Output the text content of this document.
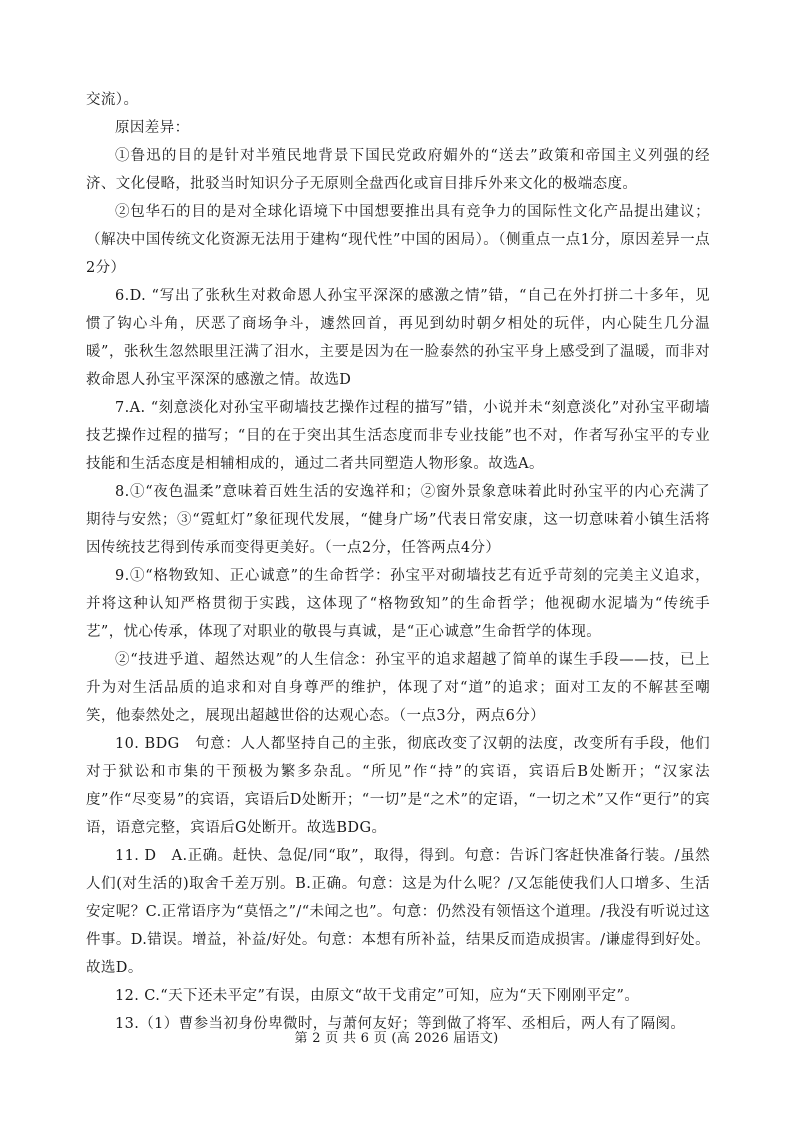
交流）。

原因差异：

①鲁迅的目的是针对半殖民地背景下国民党政府媚外的“送去”政策和帝国主义列强的经济、文化侵略，批驳当时知识分子无原则全盘西化或盲目排斥外来文化的极端态度。

②包华石的目的是对全球化语境下中国想要推出具有竞争力的国际性文化产品提出建议；（解决中国传统文化资源无法用于建构“现代性”中国的困局）。（侧重点一点1分，原因差异一点2分）

6.D. “写出了张秋生对救命恩人孙宝平深深的感激之情”错，“自己在外打拼二十多年，见惯了钩心斗角，厌恶了商场争斗，遽然回首，再见到幼时朝夕相处的玩伴，内心陡生几分温暖”，张秋生忽然眼里汪满了泪水，主要是因为在一脸泰然的孙宝平身上感受到了温暖，而非对救命恩人孙宝平深深的感激之情。故选D

7.A. “刻意淡化对孙宝平砌墙技艺操作过程的描写”错，小说并未“刻意淡化”对孙宝平砌墙技艺操作过程的描写；“目的在于突出其生活态度而非专业技能”也不对，作者写孙宝平的专业技能和生活态度是相辅相成的，通过二者共同塑造人物形象。故选A。

8.①“夜色温柔”意味着百姓生活的安逸祥和；②窗外景象意味着此时孙宝平的内心充满了期待与安然；③“霓虹灯”象征现代发展，“健身广场”代表日常安康，这一切意味着小镇生活将因传统技艺得到传承而变得更美好。（一点2分，任答两点4分）

9.①“格物致知、正心诚意”的生命哲学：孙宝平对砌墙技艺有近乎苛刻的完美主义追求，并将这种认知严格贯彻于实践，这体现了“格物致知”的生命哲学；他视砌水泥墙为“传统手艺”，忧心传承，体现了对职业的敬畏与真诚，是“正心诚意”生命哲学的体现。

②“技进乎道、超然达观”的人生信念：孙宝平的追求超越了简单的谋生手段——技，已上升为对生活品质的追求和对自身尊严的维护，体现了对“道”的追求；面对工友的不解甚至嘲笑，他泰然处之，展现出超越世俗的达观心态。（一点3分，两点6分）

10. BDG　句意：人人都坚持自己的主张，彻底改变了汉朝的法度，改变所有手段，他们对于狱讼和市集的干预极为繁多杂乱。“所见”作“持”的宾语，宾语后B处断开；“汉家法度”作“尽变易”的宾语，宾语后D处断开；“一切”是“之术”的定语，“一切之术”又作“更行”的宾语，语意完整，宾语后G处断开。故选BDG。

11. D　A.正确。赶快、急促/同“取”，取得，得到。句意：告诉门客赶快准备行装。/虽然人们(对生活的)取舍千差万别。B.正确。句意：这是为什么呢？/又怎能使我们人口增多、生活安定呢？C.正常语序为“莫悟之”/“未闻之也”。句意：仍然没有领悟这个道理。/我没有听说过这件事。D.错误。增益，补益/好处。句意：本想有所补益，结果反而造成损害。/谦虚得到好处。故选D。

12. C.“天下还未平定”有误，由原文“故干戈甫定”可知，应为“天下刚刚平定”。

13.（1）曹参当初身份卑微时，与萧何友好；等到做了将军、丞相后，两人有了隔阂。

第 2 页 共 6 页 (高 2026 届语文)
